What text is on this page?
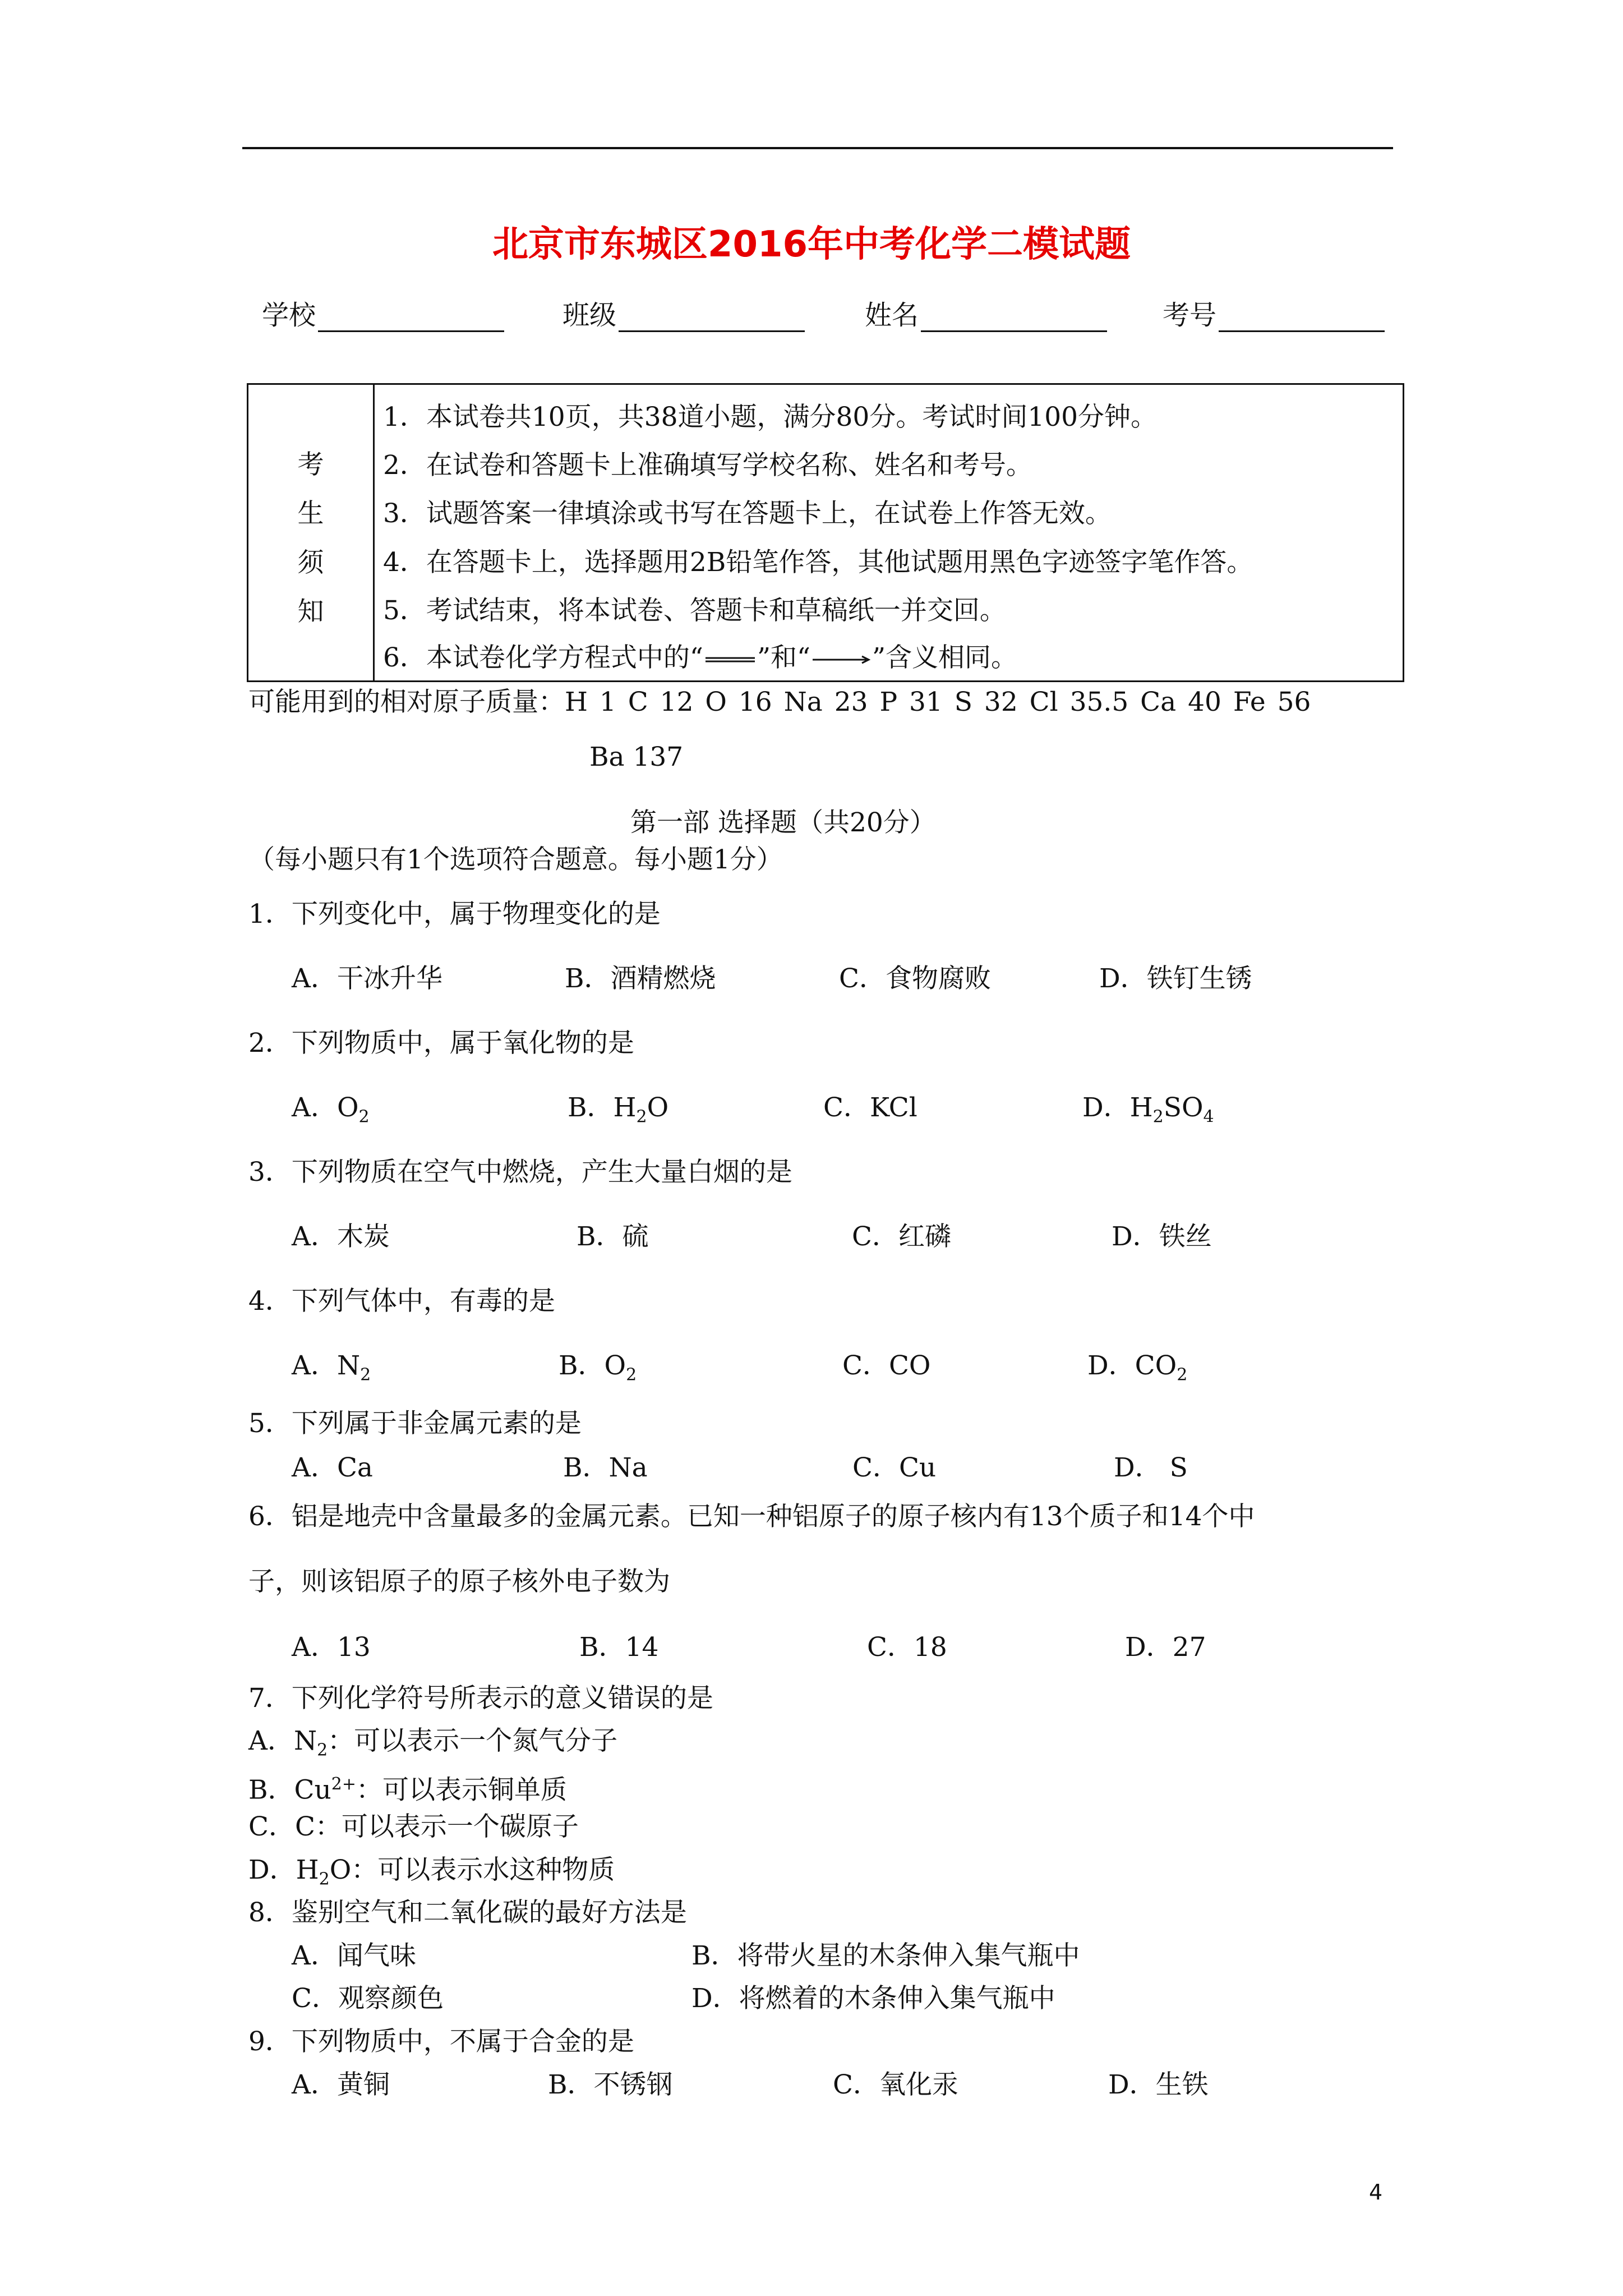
北京市东城区2016年中考化学二模试题
学校	班级	姓名	考号
考
生
须
知
1．本试卷共10页，共38道小题，满分80分。考试时间100分钟。
2．在试卷和答题卡上准确填写学校名称、姓名和考号。
3．试题答案一律填涂或书写在答题卡上，在试卷上作答无效。
4．在答题卡上，选择题用2B铅笔作答，其他试题用黑色字迹签字笔作答。
5．考试结束，将本试卷、答题卡和草稿纸一并交回。
6．本试卷化学方程式中的“ ”和“ ”含义相同。
可能用到的相对原子质量：H 1 C 12 O 16 Na 23 P 31 S 32 Cl 35.5 Ca 40 Fe 56
Ba 137
第一部 选择题（共20分）
（每小题只有1个选项符合题意。每小题1分）
1．下列变化中，属于物理变化的是
A．干冰升华	B．酒精燃烧	C．食物腐败	D．铁钉生锈
2．下列物质中，属于氧化物的是
A．$O_2$	B．$H_2O$	C．KCl	D．$H_2SO_4$
3．下列物质在空气中燃烧，产生大量白烟的是
A．木炭	B．硫	C．红磷	D．铁丝
4．下列气体中，有毒的是
A．$N_2$	B．$O_2$	C．CO	D．$CO_2$
5．下列属于非金属元素的是
A．Ca	B．Na	C．Cu	D． S
6．铝是地壳中含量最多的金属元素。已知一种铝原子的原子核内有13个质子和14个中
子，则该铝原子的原子核外电子数为
A．13	B．14	C．18	D．27
7．下列化学符号所表示的意义错误的是
A．$N_2$：可以表示一个氮气分子
B．$Cu^{2+}$：可以表示铜单质
C．C：可以表示一个碳原子
D．$H_2O$：可以表示水这种物质
8．鉴别空气和二氧化碳的最好方法是
A．闻气味	B．将带火星的木条伸入集气瓶中
C．观察颜色	D．将燃着的木条伸入集气瓶中
9．下列物质中，不属于合金的是
A．黄铜	B．不锈钢	C．氧化汞	D．生铁
4
